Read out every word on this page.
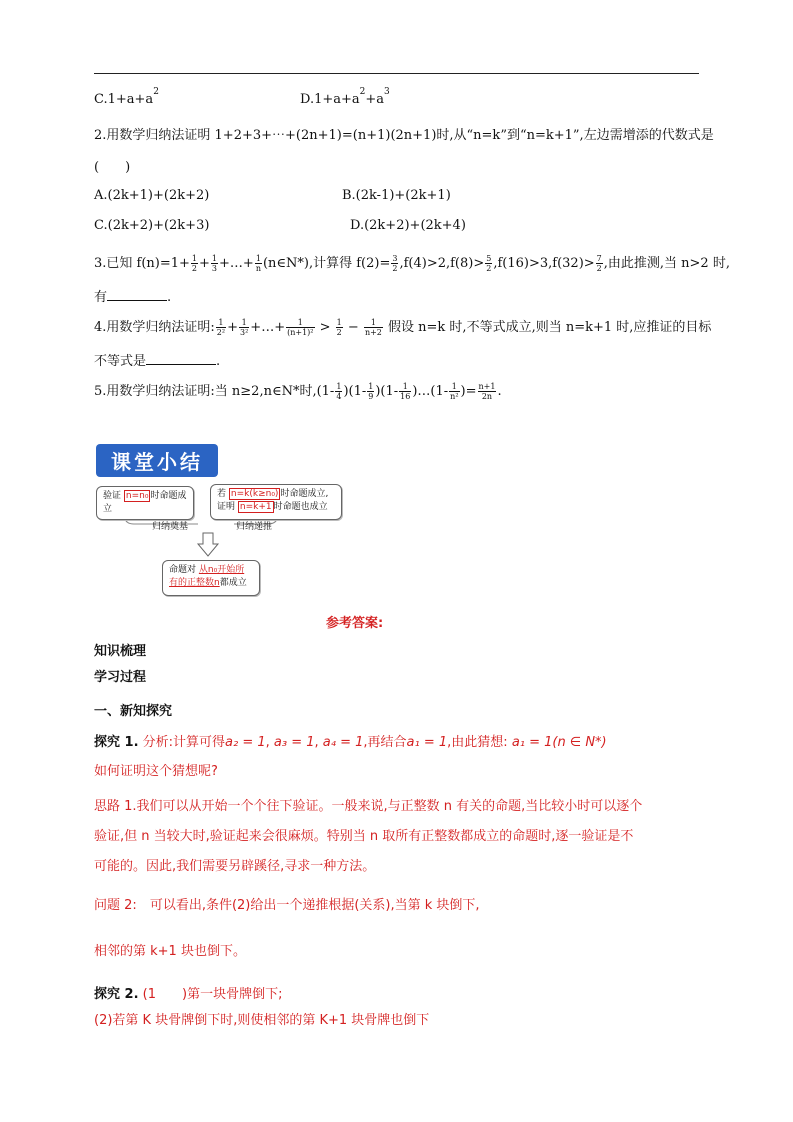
$C.1+a+a^2$	$D.1+a+a^2+a^3$
2.用数学归纳法证明 1+2+3+⋯+(2n+1)=(n+1)(2n+1)时,从“n=k”到“n=k+1”,左边需增添的代数式是
(　　)
A.(2k+1)+(2k+2)	B.(2k-1)+(2k+1)
C.(2k+2)+(2k+3)	D.(2k+2)+(2k+4)
3.已知 $f(n)=1+ \frac{1}{2} + \frac{1}{3}$ +…+ $\frac{1}{n}$ (n∈N*),计算得 $f(2)= \frac{3}{2} ,f(4)>2,f(8)> \frac{5}{2} ,f(16)>3,f(32)> \frac{7}{2}$ ,由此推测,当 n>2 时,
有	.
4.用数学归纳法证明: $\frac{1}{\text{2²}} + \frac{1}{\text{3²}}$ +…+ $\frac{1}{\text{(n+1)²}} > \frac{1}{2} - \frac{1}{n+2}$ 假设 n=k 时,不等式成立,则当 n=k+1 时,应推证的目标
不等式是	.
5.用数学归纳法证明:当 n≥2,n∈N*时$,(1- \frac{1}{4} )(1- \frac{1}{9} )(1- \frac{1}{16}$ )…(1- $\frac{1}{\text{n²}}$ )= $\frac{n+1}{2n}$ .
课堂小结
验证 n=n₀ 时命题成立
若 n=k(k≥n₀) 时命题成立,证明 n=k+1 时命题也成立
归纳奠基	归纳递推
命题对 从n₀开始所有的正整数n都成立
参考答案:
知识梳理
学习过程
一、新知探究
探究 1. 分析:计算可得a₂ = 1, a₃ = 1, a₄ = 1,再结合a₁ = 1,由此猜想: a₁ = 1(n ∈ N*)
如何证明这个猜想呢?
思路 1.我们可以从开始一个个往下验证。一般来说,与正整数 n 有关的命题,当比较小时可以逐个
验证,但 n 当较大时,验证起来会很麻烦。特别当 n 取所有正整数都成立的命题时,逐一验证是不
可能的。因此,我们需要另辟蹊径,寻求一种方法。
问题 2:　 可以看出,条件(2)给出一个递推根据(关系),当第 k 块倒下,
相邻的第 k+1 块也倒下。
探究 2. (1　　)第一块骨牌倒下;
(2)若第 K 块骨牌倒下时,则使相邻的第 K+1 块骨牌也倒下
